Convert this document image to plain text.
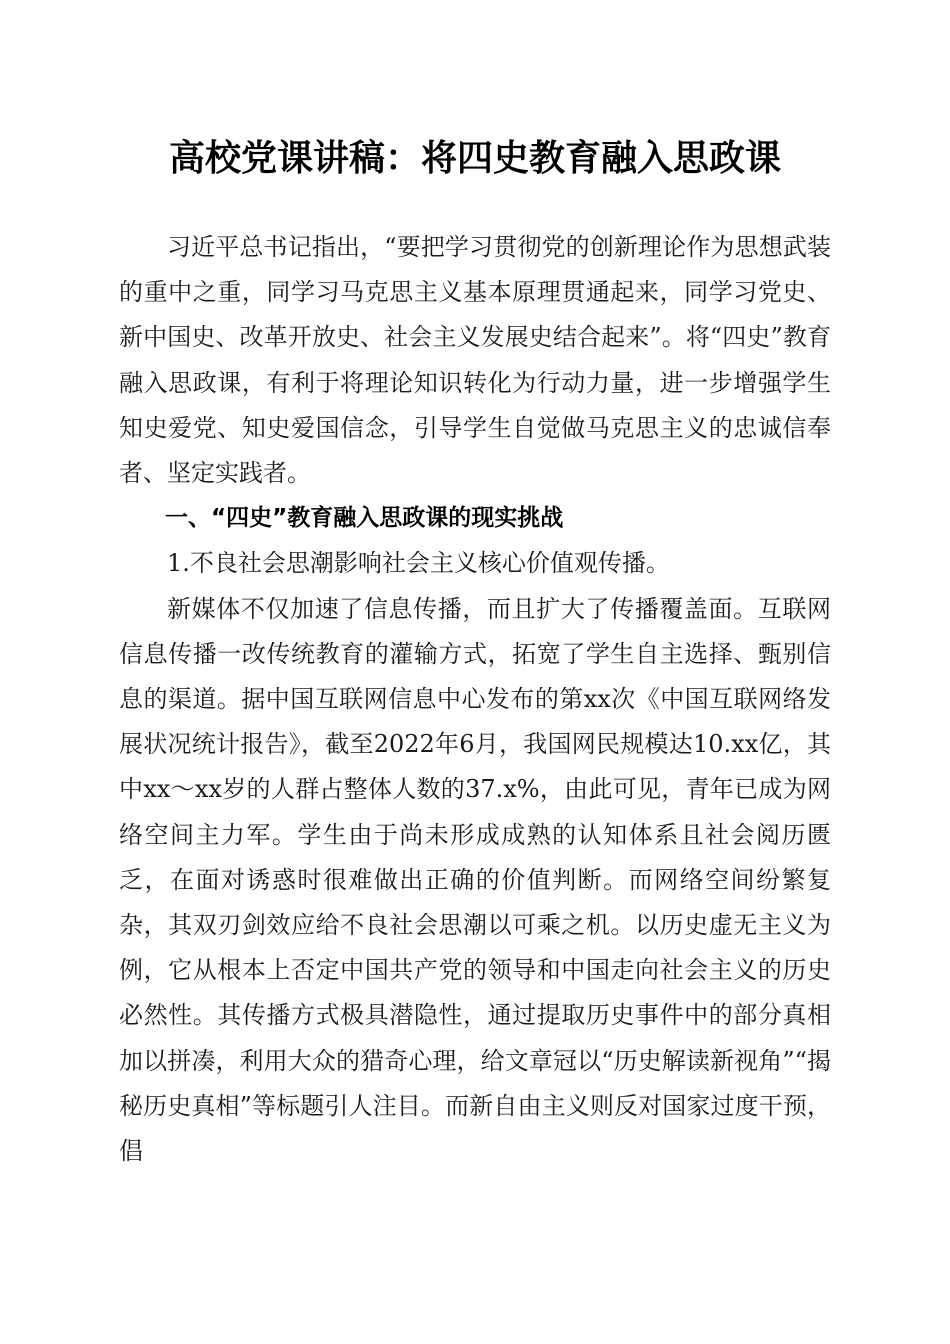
高校党课讲稿：将四史教育融入思政课

习近平总书记指出，“要把学习贯彻党的创新理论作为思想武装的重中之重，同学习马克思主义基本原理贯通起来，同学习党史、新中国史、改革开放史、社会主义发展史结合起来”。将“四史”教育融入思政课，有利于将理论知识转化为行动力量，进一步增强学生知史爱党、知史爱国信念，引导学生自觉做马克思主义的忠诚信奉者、坚定实践者。

一、“四史”教育融入思政课的现实挑战

1.不良社会思潮影响社会主义核心价值观传播。

新媒体不仅加速了信息传播，而且扩大了传播覆盖面。互联网信息传播一改传统教育的灌输方式，拓宽了学生自主选择、甄别信息的渠道。据中国互联网信息中心发布的第xx次《中国互联网络发展状况统计报告》，截至2022年6月，我国网民规模达10.xx亿，其中xx～xx岁的人群占整体人数的37.x%，由此可见，青年已成为网络空间主力军。学生由于尚未形成成熟的认知体系且社会阅历匮乏，在面对诱惑时很难做出正确的价值判断。而网络空间纷繁复杂，其双刃剑效应给不良社会思潮以可乘之机。以历史虚无主义为例，它从根本上否定中国共产党的领导和中国走向社会主义的历史必然性。其传播方式极具潜隐性，通过提取历史事件中的部分真相加以拼凑，利用大众的猎奇心理，给文章冠以“历史解读新视角”“揭秘历史真相”等标题引人注目。而新自由主义则反对国家过度干预，倡
